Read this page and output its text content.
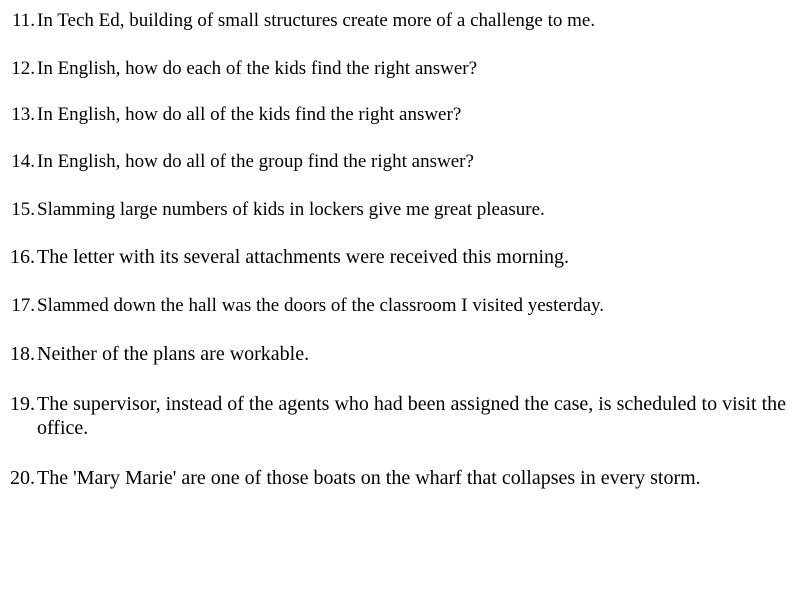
11 . In Tech Ed, building of small structures create more of a challenge to me.
12 . In English, how do each of the kids find the right answer?
13 . In English, how do all of the kids find the right answer?
14 . In English, how do all of the group find the right answer?
15 . Slamming large numbers of kids in lockers give me great pleasure.
16 . The letter with its several attachments were received this morning.
17 . Slammed down the hall was the doors of the classroom I visited yesterday.
18 . Neither of the plans are workable.
19 . The supervisor, instead of the agents who had been assigned the case, is scheduled to visit the office.
20 . The 'Mary Marie' are one of those boats on the wharf that collapses in every storm.
